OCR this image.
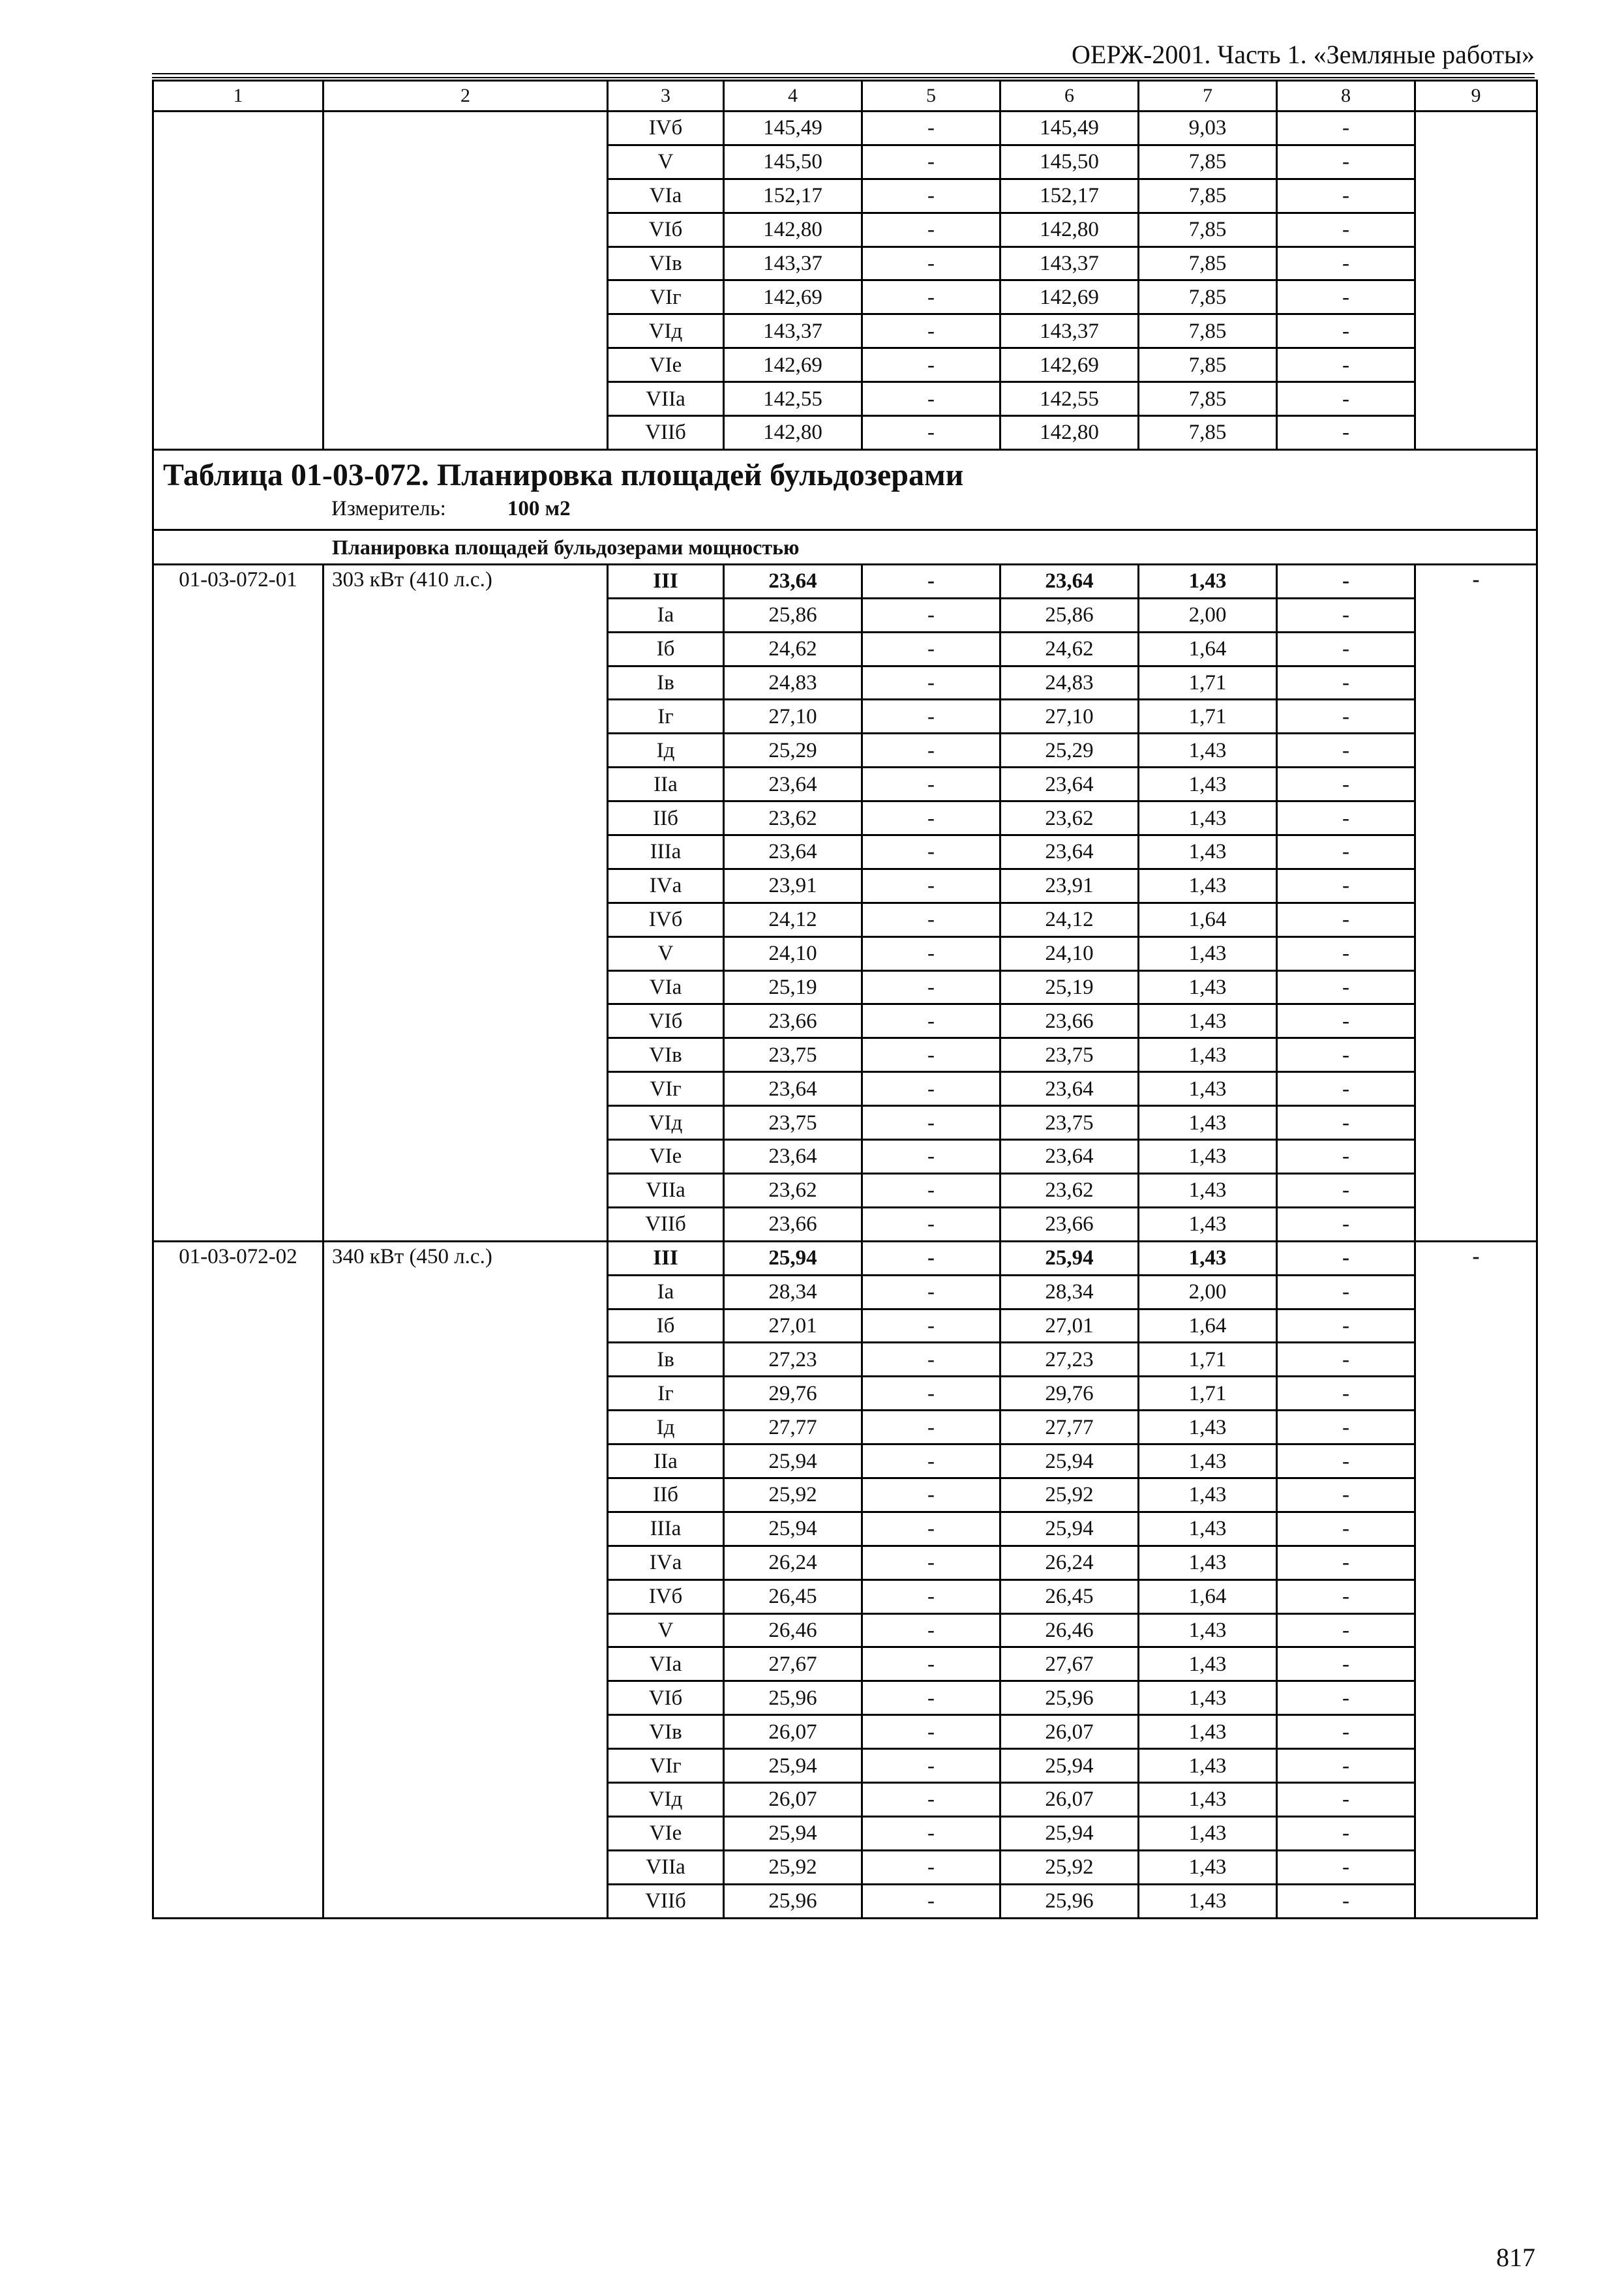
ОЕРЖ-2001. Часть 1. «Земляные работы»
1	2	3	4	5	6	7	8	9
		IVб	145,49	-	145,49	9,03	-	
		V	145,50	-	145,50	7,85	-	
		VIа	152,17	-	152,17	7,85	-	
		VIб	142,80	-	142,80	7,85	-	
		VIв	143,37	-	143,37	7,85	-	
		VIг	142,69	-	142,69	7,85	-	
		VIд	143,37	-	143,37	7,85	-	
		VIе	142,69	-	142,69	7,85	-	
		VIIа	142,55	-	142,55	7,85	-	
		VIIб	142,80	-	142,80	7,85	-	

Таблица 01-03-072. Планировка площадей бульдозерами
Измеритель: 100 м2								

Планировка площадей бульдозерами мощностью								
01-03-072-01	303 кВт (410 л.с.)	III	23,64	-	23,64	1,43	-	-
		Iа	25,86	-	25,86	2,00	-	
		Iб	24,62	-	24,62	1,64	-	
		Iв	24,83	-	24,83	1,71	-	
		Iг	27,10	-	27,10	1,71	-	
		Iд	25,29	-	25,29	1,43	-	
		IIа	23,64	-	23,64	1,43	-	
		IIб	23,62	-	23,62	1,43	-	
		IIIа	23,64	-	23,64	1,43	-	
		IVа	23,91	-	23,91	1,43	-	
		IVб	24,12	-	24,12	1,64	-	
		V	24,10	-	24,10	1,43	-	
		VIа	25,19	-	25,19	1,43	-	
		VIб	23,66	-	23,66	1,43	-	
		VIв	23,75	-	23,75	1,43	-	
		VIг	23,64	-	23,64	1,43	-	
		VIд	23,75	-	23,75	1,43	-	
		VIе	23,64	-	23,64	1,43	-	
		VIIа	23,62	-	23,62	1,43	-	
		VIIб	23,66	-	23,66	1,43	-	
01-03-072-02	340 кВт (450 л.с.)	III	25,94	-	25,94	1,43	-	-
		Iа	28,34	-	28,34	2,00	-	
		Iб	27,01	-	27,01	1,64	-	
		Iв	27,23	-	27,23	1,71	-	
		Iг	29,76	-	29,76	1,71	-	
		Iд	27,77	-	27,77	1,43	-	
		IIа	25,94	-	25,94	1,43	-	
		IIб	25,92	-	25,92	1,43	-	
		IIIа	25,94	-	25,94	1,43	-	
		IVа	26,24	-	26,24	1,43	-	
		IVб	26,45	-	26,45	1,64	-	
		V	26,46	-	26,46	1,43	-	
		VIа	27,67	-	27,67	1,43	-	
		VIб	25,96	-	25,96	1,43	-	
		VIв	26,07	-	26,07	1,43	-	
		VIг	25,94	-	25,94	1,43	-	
		VIд	26,07	-	26,07	1,43	-	
		VIе	25,94	-	25,94	1,43	-	
		VIIа	25,92	-	25,92	1,43	-	
		VIIб	25,96	-	25,96	1,43	-	
817
